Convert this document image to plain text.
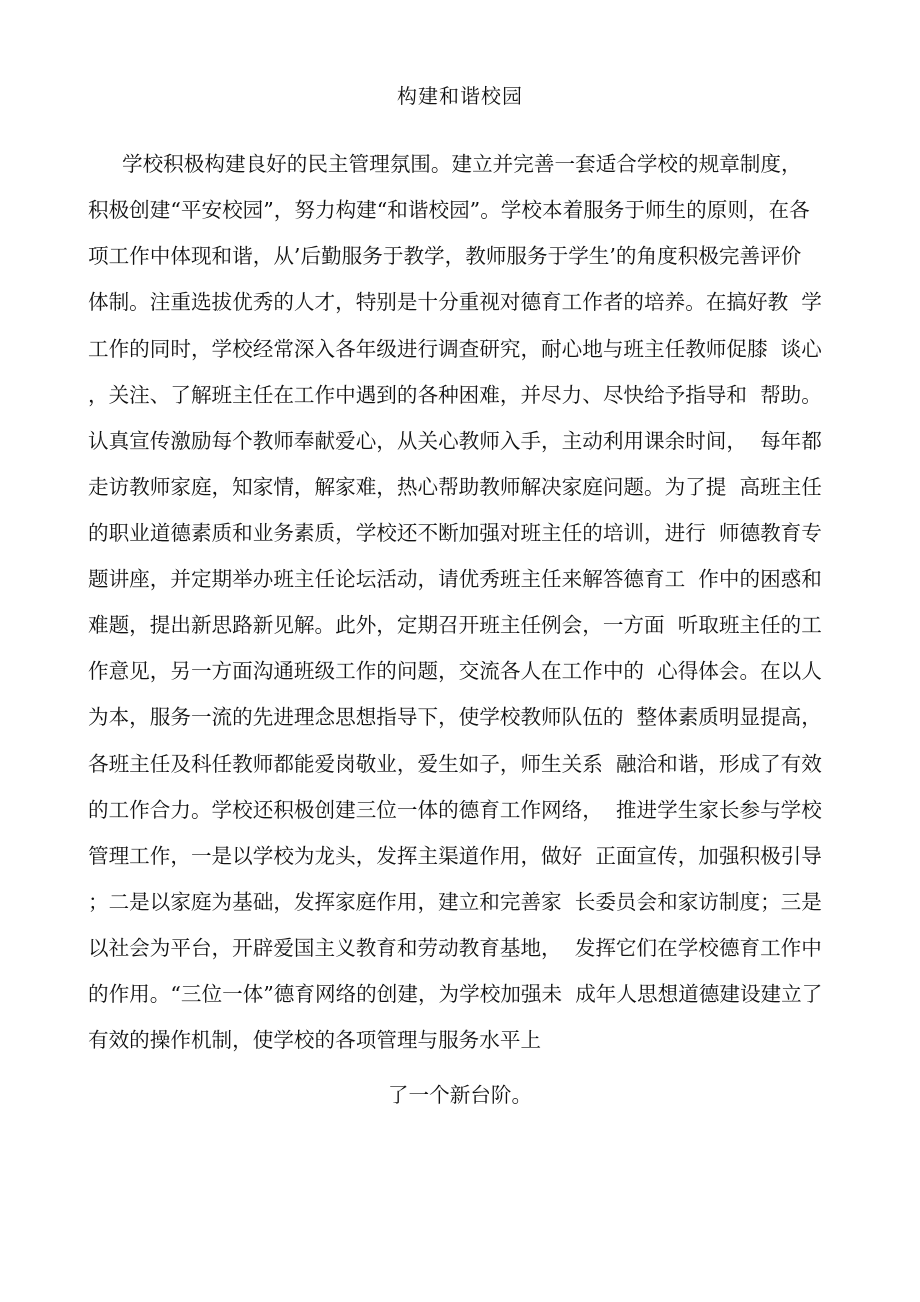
构建和谐校园
学校积极构建良好的民主管理氛围。建立并完善一套适合学校的规章制度，
积极创建“平安校园”，努力构建“和谐校园”。学校本着服务于师生的原则，在各
项工作中体现和谐，从’后勤服务于教学，教师服务于学生’的角度积极完善评价
体制。注重选拔优秀的人才，特别是十分重视对德育工作者的培养。在搞好教  学
工作的同时，学校经常深入各年级进行调查研究，耐心地与班主任教师促膝  谈心
，关注、了解班主任在工作中遇到的各种困难，并尽力、尽快给予指导和  帮助。
认真宣传激励每个教师奉献爱心，从关心教师入手，主动利用课余时间，  每年都
走访教师家庭，知家情，解家难，热心帮助教师解决家庭问题。为了提  高班主任
的职业道德素质和业务素质，学校还不断加强对班主任的培训，进行  师德教育专
题讲座，并定期举办班主任论坛活动，请优秀班主任来解答德育工  作中的困惑和
难题，提出新思路新见解。此外，定期召开班主任例会，一方面  听取班主任的工
作意见，另一方面沟通班级工作的问题，交流各人在工作中的  心得体会。在以人
为本，服务一流的先进理念思想指导下，使学校教师队伍的  整体素质明显提高，
各班主任及科任教师都能爱岗敬业，爱生如子，师生关系  融洽和谐，形成了有效
的工作合力。学校还积极创建三位一体的德育工作网络，  推进学生家长参与学校
管理工作，一是以学校为龙头，发挥主渠道作用，做好  正面宣传，加强积极引导
；二是以家庭为基础，发挥家庭作用，建立和完善家  长委员会和家访制度；三是
以社会为平台，开辟爱国主义教育和劳动教育基地，  发挥它们在学校德育工作中
的作用。“三位一体”德育网络的创建，为学校加强未  成年人思想道德建设建立了
有效的操作机制，使学校的各项管理与服务水平上
了一个新台阶。
